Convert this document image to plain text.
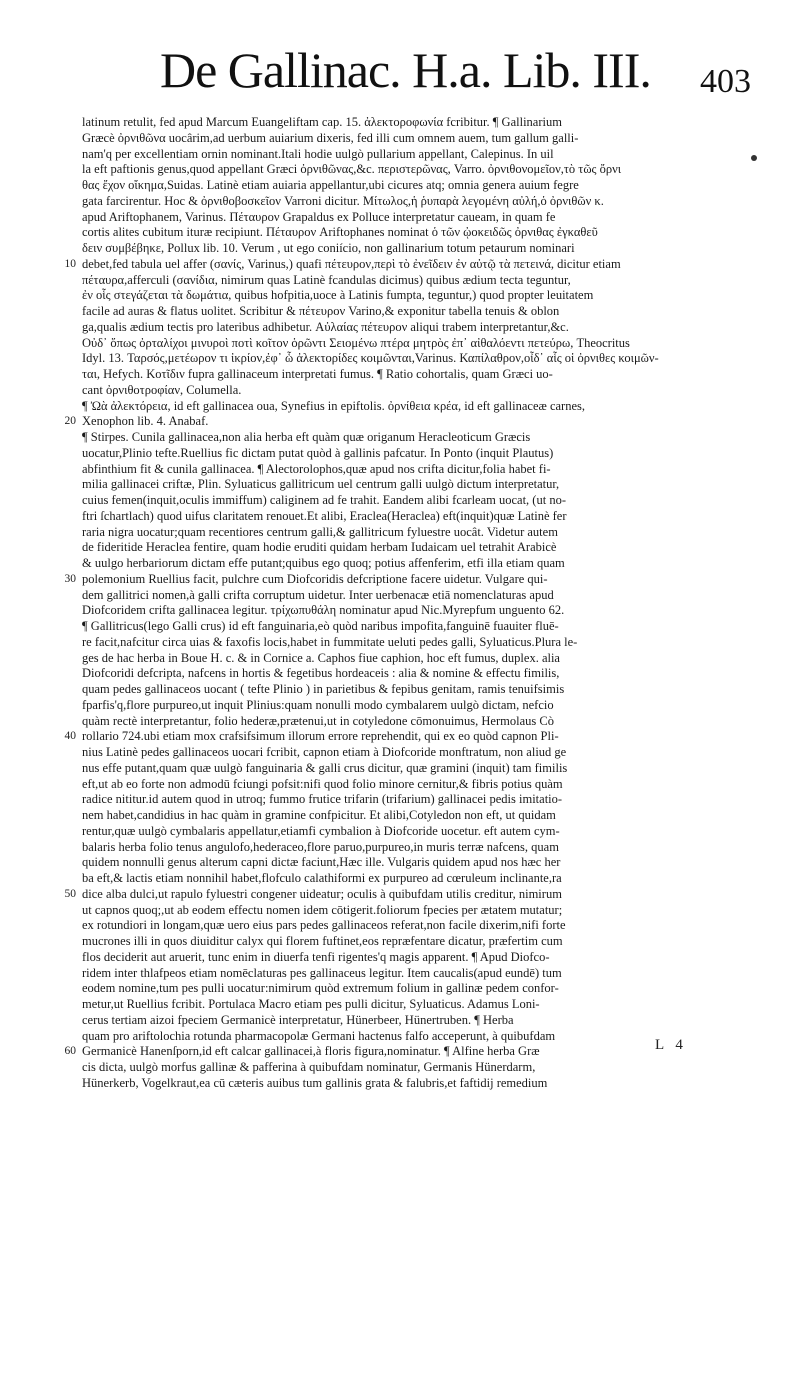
De Gallinac. H.a. Lib. III. 403
latinum retulit, fed apud Marcum Euangeliftam cap. 15. ἀλεκτοροφωνία fcribitur. ¶ Gallinarium
Græcè ὀρνιθῶνα uocârim,ad uerbum auiarium dixeris, fed illi cum omnem auem, tum gallum galli-
nam'q per excellentiam ornin nominant.Itali hodie uulgò pullarium appellant, Calepinus. In uil
la eft paftionis genus,quod appellant Græci ὀρνιθῶνας,&c. περιστερῶνας, Varro. ὀρνιθονομεῖον,τὸ τῶς ὄρνι
θας ἔχον οἴκημα,Suidas. Latinè etiam auiaria appellantur,ubi cicures atq; omnia genera auium fegre
gata farcirentur. Hoc & ὀρνιθοβοσκεῖον Varroni dicitur. Μίτωλος,ἡ ῥυπαρὰ λεγομένη αὐλή,ὁ ὀρνιθῶν κ.
apud Ariftophanem, Varinus. Πέταυρον Grapaldus ex Polluce interpretatur caueam, in quam fe
cortis alites cubitum ituræ recipiunt. Πέταυρον Ariftophanes nominat ὁ τῶν ᾠοκειδῶς ὀρνιθας ἐγκαθεῦ
δειν συμβέβηκε, Pollux lib. 10. Verum , ut ego coniício, non gallinarium totum petaurum nominari
debet,fed tabula uel affer (σανίς, Varinus,) quafi πέτευρον,περὶ τὸ ἐνεῖδειν ἐν αὐτῷ τὰ πετεινά, dicitur etiam
πέταυρα,afferculi (σανίδια, nimirum quas Latinè fcandulas dicimus) quibus ædium tecta teguntur,
ἐν οἷς στεγάζεται τὰ δωμάτια, quibus hofpitia,uoce à Latinis fumpta, teguntur,) quod propter leuitatem
facile ad auras & flatus uolitet. Scribitur & πέτευρον Varino,& exponitur tabella tenuis & oblon
ga,qualis ædium tectis pro lateribus adhibetur. Αὐλαίας πέτευρον aliqui trabem interpretantur,&c.
Οὐδ᾽ ὅπως ὀρταλίχοι μινυροὶ ποτὶ κοῖτον ὁρῶντι Σειομένω πτέρα μητρὸς ἐπ᾽ αἰθαλόεντι πετεύρω, Theocritus
Idyl. 13. Ταρσός,μετέωρον τι ἰκρίον,ἐφ᾽ ὧ ἀλεκτορίδες κοιμῶνται,Varinus. Καπίλαθρον,οἶδ᾽ αἷς οἱ ὀρνιθες κοιμῶν-
ται, Hefych. Κοτῖδιν fupra gallinaceum interpretati fumus. ¶ Ratio cohortalis, quam Græci uo-
cant ὀρνιθοτροφίαν, Columella.
¶ Ὠὰ ἀλεκτόρεια, id eft gallinacea oua, Synefius in epiftolis. ὀρνίθεια κρέα, id eft gallinaceæ carnes,
Xenophon lib. 4. Anabaf.
¶ Stirpes. Cunila gallinacea,non alia herba eft quàm quæ origanum Heracleoticum Græcis
uocatur,Plinio tefte.Ruellius fic dictam putat quòd à gallinis pafcatur. In Ponto (inquit Plautus)
abfinthium fit & cunila gallinacea. ¶ Alectorolophos,quæ apud nos crifta dicitur,folia habet fi-
milia gallinacei criftæ, Plin. Syluaticus gallitricum uel centrum galli uulgò dictum interpretatur,
cuius femen(inquit,oculis immiffum) caliginem ad fe trahit. Eandem alibi fcarleam uocat, (ut no-
ftri ſchartlach) quod uifus claritatem renouet.Et alibi, Eraclea(Heraclea) eft(inquit)quæ Latinè fer
raria nigra uocatur;quam recentiores centrum galli,& gallitricum fyluestre uocât. Videtur autem
de fideritide Heraclea fentire, quam hodie eruditi quidam herbam Iudaicam uel tetrahit Arabicè
& uulgo herbariorum dictam effe putant;quibus ego quoq; potius affenferim, etfi illa etiam quam
polemonium Ruellius facit, pulchre cum Diofcoridis defcriptione facere uidetur. Vulgare qui-
dem gallitrici nomen,à galli crifta corruptum uidetur. Inter uerbenacæ etiā nomenclaturas apud
Diofcoridem crifta gallinacea legitur. τρίχωπυθάλη nominatur apud Nic.Myrepfum unguento 62.
¶ Gallitricus(lego Galli crus) id eft fanguinaria,eò quòd naribus impofita,fanguinē fuauiter fluē-
re facit,nafcitur circa uias & faxofis locis,habet in fummitate ueluti pedes galli, Syluaticus.Plura le-
ges de hac herba in Boue H. c. & in Cornice a. Caphos fiue caphion, hoc eft fumus, duplex. alia
Diofcoridi defcripta, nafcens in hortis & fegetibus hordeaceis : alia & nomine & effectu fimilis,
quam pedes gallinaceos uocant ( tefte Plinio ) in parietibus & fepibus genitam, ramis tenuifsimis
fparfis'q,flore purpureo,ut inquit Plinius:quam nonulli modo cymbalarem uulgò dictam, nefcio
quàm rectè interpretantur, folio hederæ,prætenui,ut in cotyledone cōmonuimus, Hermolaus Cò
rollario 724.ubi etiam mox crafsifsimum illorum errore reprehendit, qui ex eo quòd capnon Pli-
nius Latinè pedes gallinaceos uocari fcribit, capnon etiam à Diofcoride monftratum, non aliud ge
nus effe putant,quam quæ uulgò fanguinaria & galli crus dicitur, quæ gramini (inquit) tam fimilis
eft,ut ab eo forte non admodū fciungi pofsit:nifi quod folio minore cernitur,& fibris potius quàm
radice nititur.id autem quod in utroq; fummo frutice trifarin (trifarium) gallinacei pedis imitatio-
nem habet,candidius in hac quàm in gramine confpicitur. Et alibi,Cotyledon non eft, ut quidam
rentur,quæ uulgò cymbalaris appellatur,etiamfi cymbalion à Diofcoride uocetur. eft autem cym-
balaris herba folio tenus angulofo,hederaceo,flore paruo,purpureo,in muris terræ nafcens, quam
quidem nonnulli genus alterum capni dictæ faciunt,Hæc ille. Vulgaris quidem apud nos hæc her
ba eft,& lactis etiam nonnihil habet,flofculo calathiformi ex purpureo ad cœruleum inclinante,ra
dice alba dulci,ut rapulo fyluestri congener uideatur; oculis à quibufdam utilis creditur, nimirum
ut capnos quoq;,ut ab eodem effectu nomen idem cōtigerit.foliorum fpecies per ætatem mutatur;
ex rotundiori in longam,quæ uero eius pars pedes gallinaceos referat,non facile dixerim,nifi forte
mucrones illi in quos diuiditur calyx qui florem fuftinet,eos repræfentare dicatur, præfertim cum
flos deciderit aut aruerit, tunc enim in diuerfa tenfi rigentes'q magis apparent. ¶ Apud Diofco-
ridem inter thlafpeos etiam nomēclaturas pes gallinaceus legitur. Item caucalis(apud eundē) tum
eodem nomine,tum pes pulli uocatur:nimirum quòd extremum folium in gallinæ pedem confor-
metur,ut Ruellius fcribit. Portulaca Macro etiam pes pulli dicitur, Syluaticus. Adamus Loni-
cerus tertiam aizoi fpeciem Germanicè interpretatur, Hünerbeer, Hünertruben. ¶ Herba
quam pro ariftolochia rotunda pharmacopolæ Germani hactenus falfo acceperunt, à quibufdam
Germanicè Hanenſporn,id eft calcar gallinacei,à floris figura,nominatur. ¶ Alfine herba Græ
cis dicta, uulgò morfus gallinæ & pafferina à quibufdam nominatur, Germanis Hünerdarm,
Hünerkerb, Vogelkraut,ea cū cæteris auibus tum gallinis grata & falubris,et faftidij remedium
10
20
30
40
50
60	L 4
